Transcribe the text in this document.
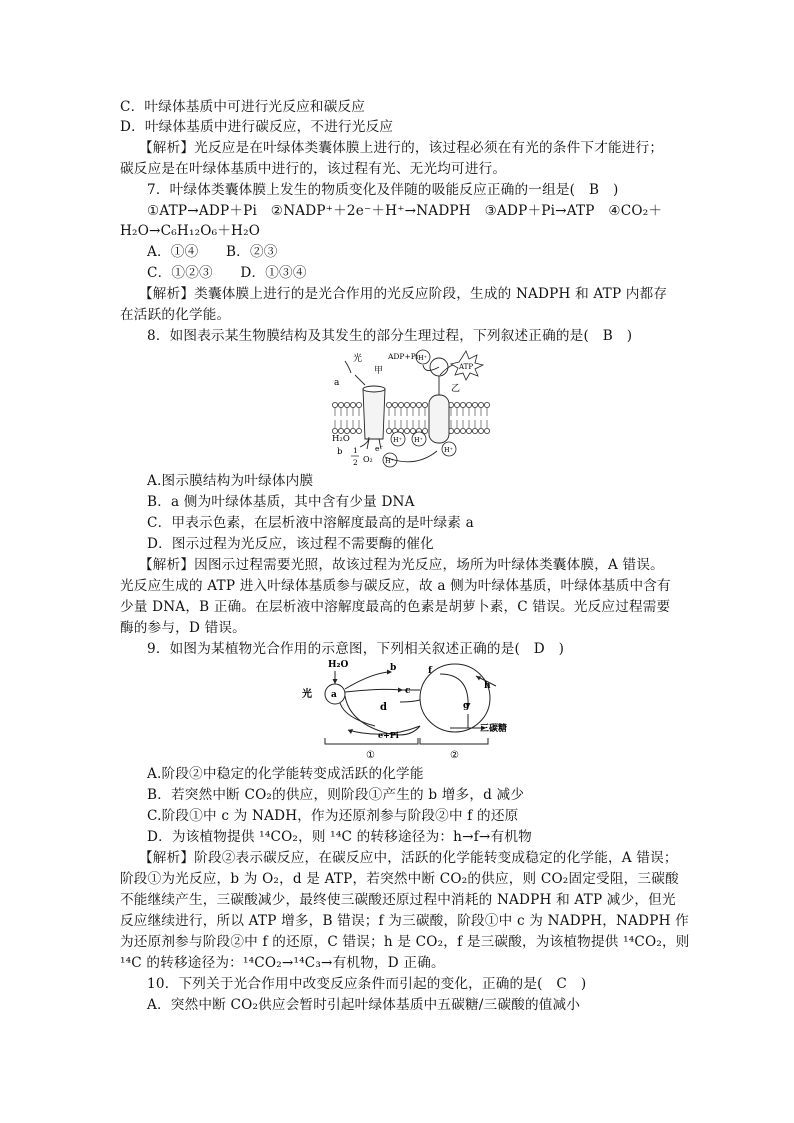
C．叶绿体基质中可进行光反应和碳反应
D．叶绿体基质中进行碳反应，不进行光反应
【解析】光反应是在叶绿体类囊体膜上进行的，该过程必须在有光的条件下才能进行；
碳反应是在叶绿体基质中进行的，该过程有光、无光均可进行。
7．叶绿体类囊体膜上发生的物质变化及伴随的吸能反应正确的一组是(　B　)
①ATP→ADP＋Pi　②NADP⁺＋2e⁻＋H⁺→NADPH　③ADP＋Pi→ATP　④CO₂＋
H₂O→C₆H₁₂O₆＋H₂O
A．①④　　B．②③
C．①②③　　D．①③④
【解析】类囊体膜上进行的是光合作用的光反应阶段，生成的 NADPH 和 ATP 内都存
在活跃的化学能。
8．如图表示某生物膜结构及其发生的部分生理过程，下列叙述正确的是(　B　)
光
a
甲
乙
ADP+Pi
ATP
H⁺
H⁺ H⁺
H⁺
H⁺
H₂O
b 1
2 O₂
e⁻
A.图示膜结构为叶绿体内膜
B．a 侧为叶绿体基质，其中含有少量 DNA
C．甲表示色素，在层析液中溶解度最高的是叶绿素 a
D．图示过程为光反应，该过程不需要酶的催化
【解析】因图示过程需要光照，故该过程为光反应，场所为叶绿体类囊体膜，A 错误。
光反应生成的 ATP 进入叶绿体基质参与碳反应，故 a 侧为叶绿体基质，叶绿体基质中含有
少量 DNA，B 正确。在层析液中溶解度最高的色素是胡萝卜素，C 错误。光反应过程需要
酶的参与，D 错误。
9．如图为某植物光合作用的示意图，下列相关叙述正确的是(　D　)
H₂O	b
光 a	c
d
e+Pi
f
g
h
三碳糖
①	②
A.阶段②中稳定的化学能转变成活跃的化学能
B．若突然中断 CO₂的供应，则阶段①产生的 b 增多，d 减少
C.阶段①中 c 为 NADH，作为还原剂参与阶段②中 f 的还原
D．为该植物提供 ¹⁴CO₂，则 ¹⁴C 的转移途径为：h→f→有机物
【解析】阶段②表示碳反应，在碳反应中，活跃的化学能转变成稳定的化学能，A 错误；
阶段①为光反应，b 为 O₂，d 是 ATP，若突然中断 CO₂的供应，则 CO₂固定受阻，三碳酸
不能继续产生，三碳酸减少，最终使三碳酸还原过程中消耗的 NADPH 和 ATP 减少，但光
反应继续进行，所以 ATP 增多，B 错误；f 为三碳酸，阶段①中 c 为 NADPH，NADPH 作
为还原剂参与阶段②中 f 的还原，C 错误；h 是 CO₂，f 是三碳酸，为该植物提供 ¹⁴CO₂，则
¹⁴C 的转移途径为：¹⁴CO₂→¹⁴C₃→有机物，D 正确。
10．下列关于光合作用中改变反应条件而引起的变化，正确的是(　C　)
A．突然中断 CO₂供应会暂时引起叶绿体基质中五碳糖/三碳酸的值减小
